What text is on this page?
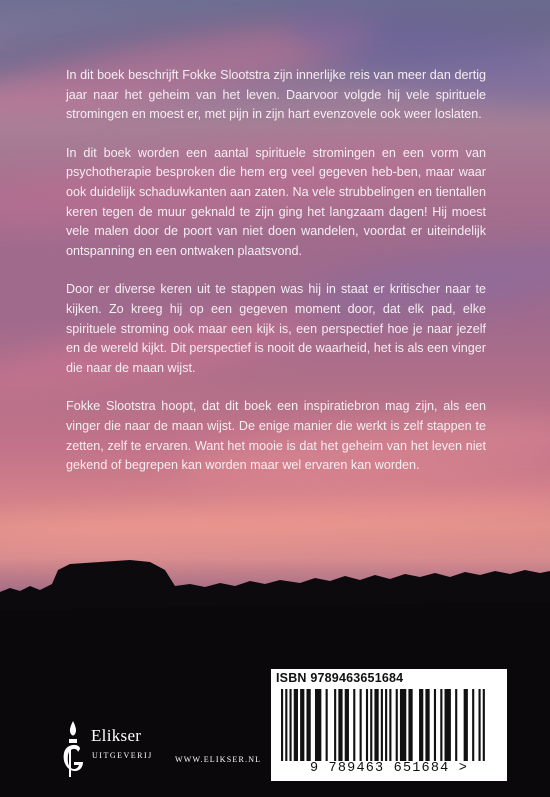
In dit boek beschrijft Fokke Slootstra zijn innerlijke reis van meer dan dertig jaar naar het geheim van het leven. Daarvoor volgde hij vele spirituele stromingen en moest er, met pijn in zijn hart evenzovele ook weer loslaten.

In dit boek worden een aantal spirituele stromingen en een vorm van psychotherapie besproken die hem erg veel gegeven heb-ben, maar waar ook duidelijk schaduwkanten aan zaten. Na vele strubbelingen en tientallen keren tegen de muur geknald te zijn ging het langzaam dagen! Hij moest vele malen door de poort van niet doen wandelen, voordat er uiteindelijk ontspanning en een ontwaken plaatsvond.

Door er diverse keren uit te stappen was hij in staat er kritischer naar te kijken. Zo kreeg hij op een gegeven moment door, dat elk pad, elke spirituele stroming ook maar een kijk is, een perspectief hoe je naar jezelf en de wereld kijkt. Dit perspectief is nooit de waarheid, het is als een vinger die naar de maan wijst.

Fokke Slootstra hoopt, dat dit boek een inspiratiebron mag zijn, als een vinger die naar de maan wijst. De enige manier die werkt is zelf stappen te zetten, zelf te ervaren. Want het mooie is dat het geheim van het leven niet gekend of begrepen kan worden maar wel ervaren kan worden.

Elikser
UITGEVERIJ	WWW.ELIKSER.NL
ISBN 9789463651684
9 789463 651684 >
